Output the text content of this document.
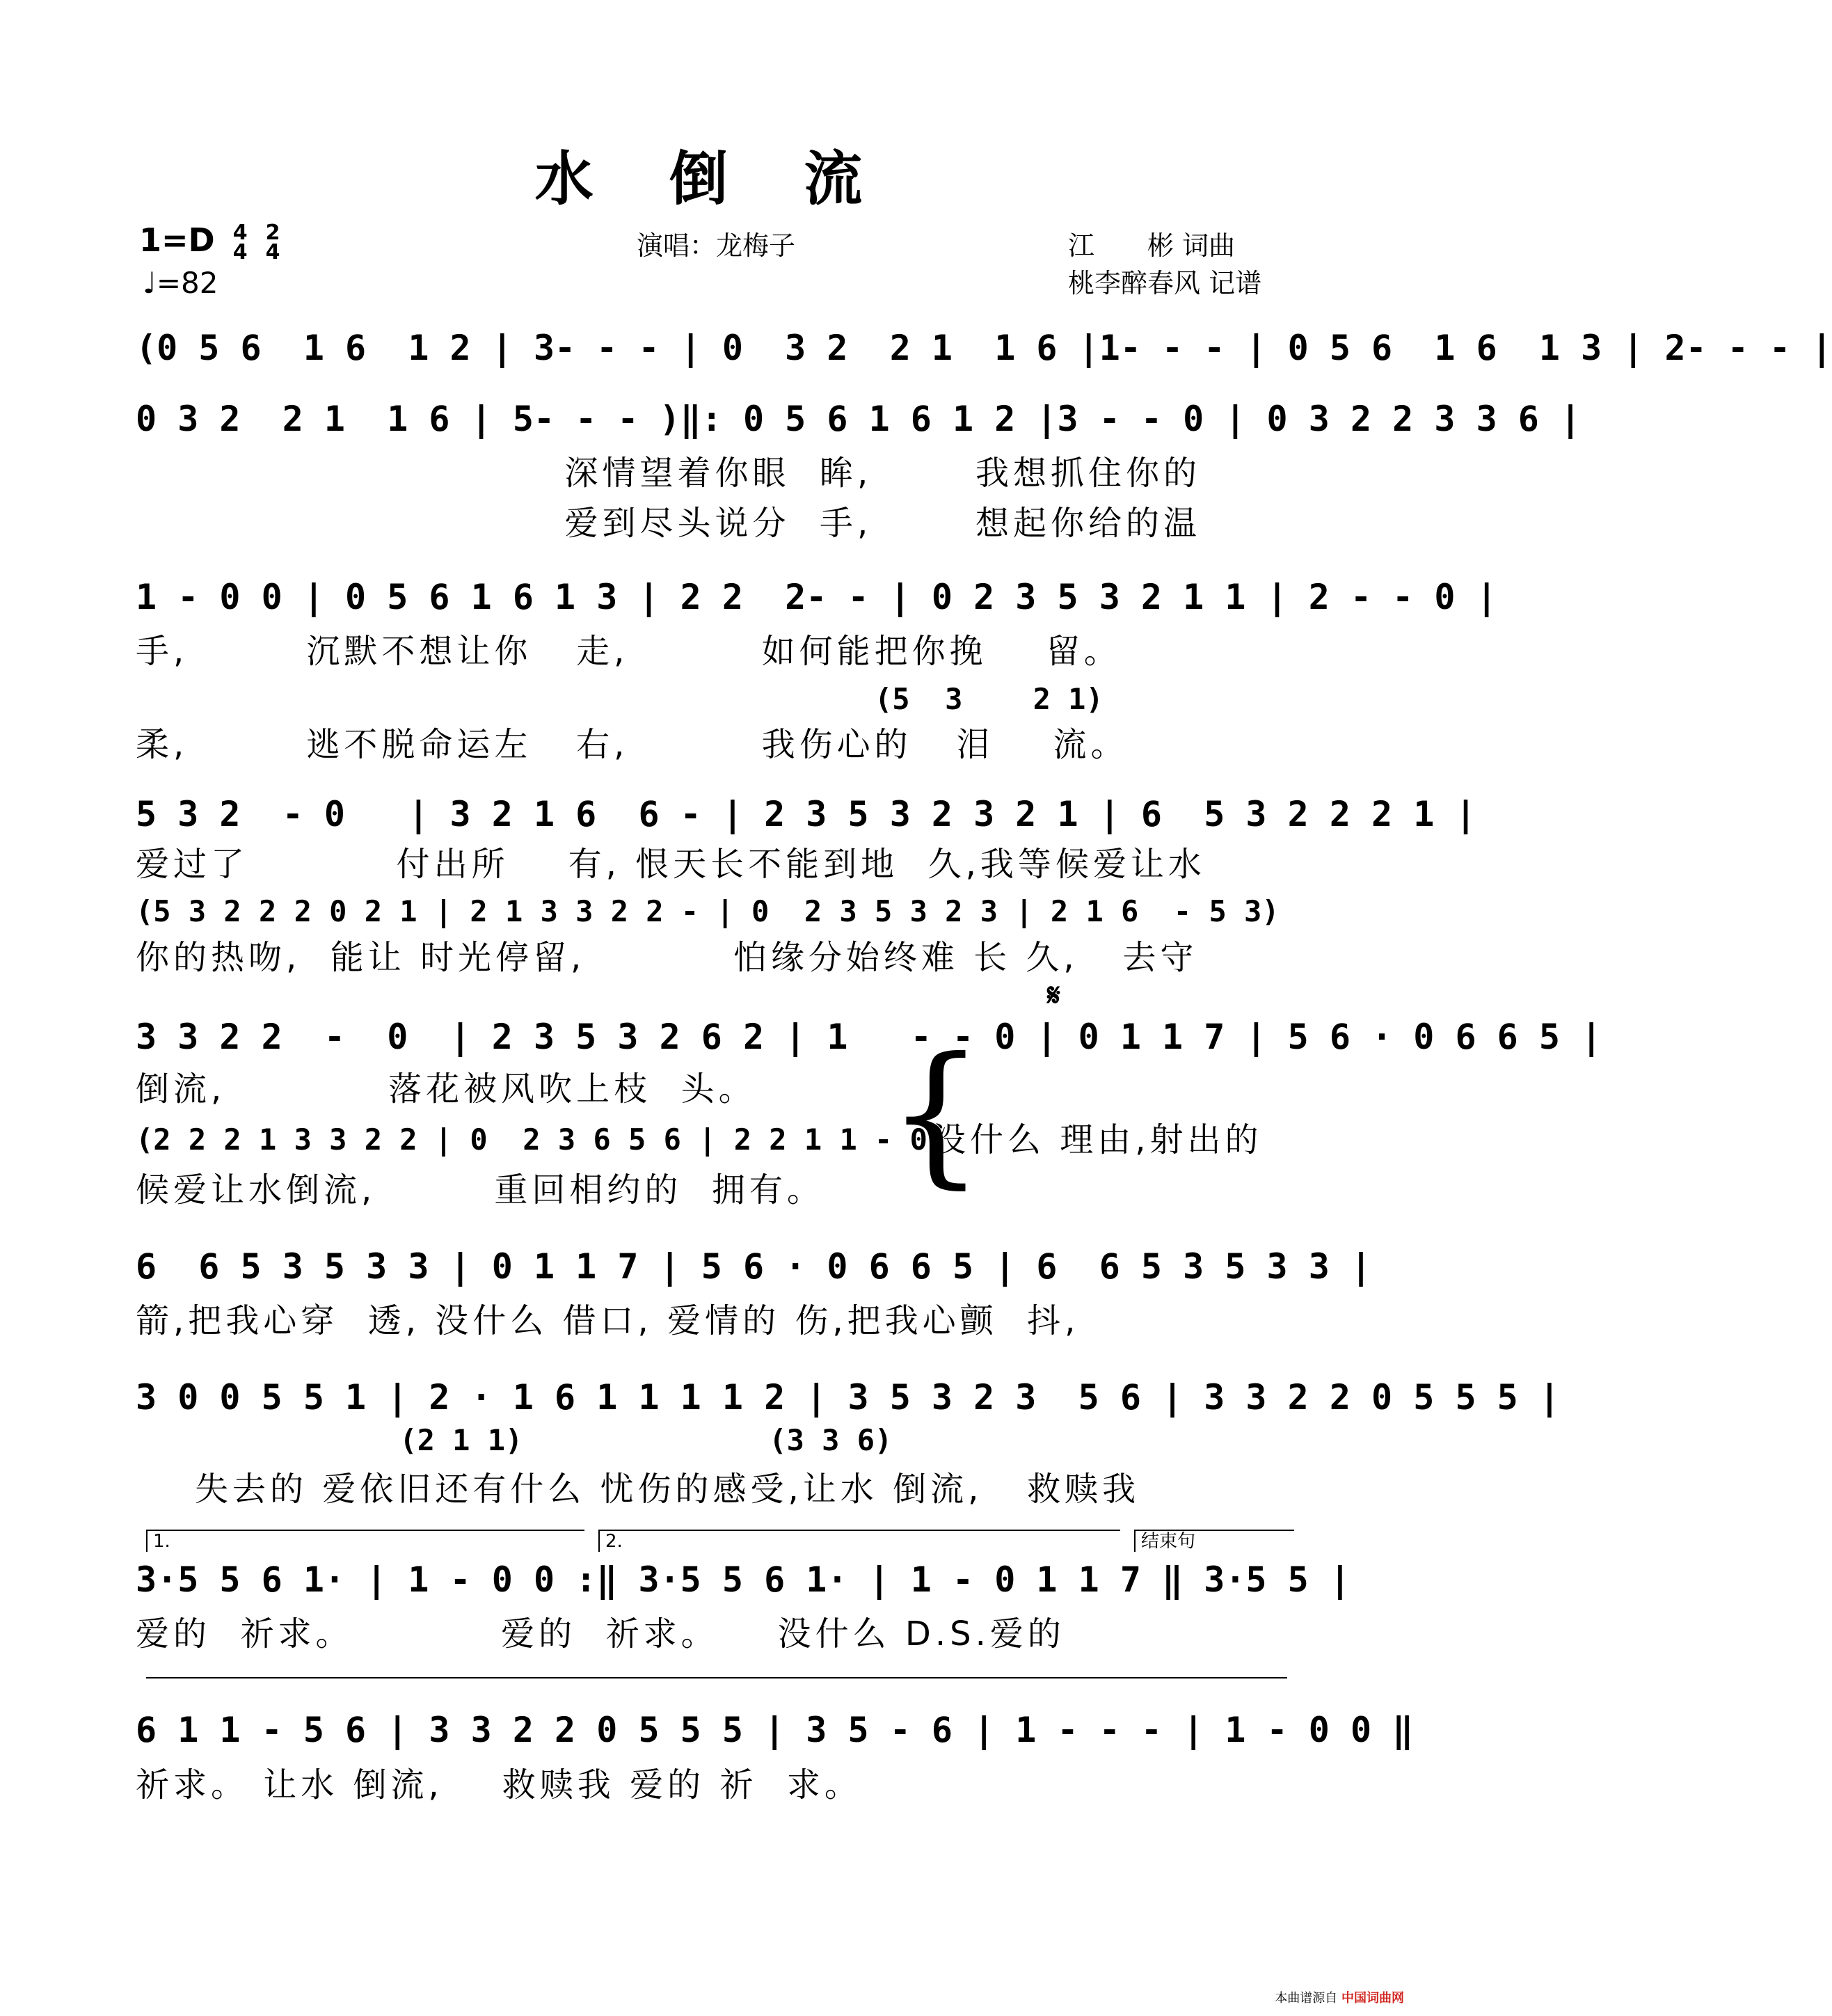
水 倒 流
1=D 4
4

2
4
♩=82
演唱：龙梅子	江　　彬 词曲
桃李醉春风 记谱
(0 5 6  1 6  1 2 | 3- - - | 0  3 2  2 1  1 6 |1- - - | 0 5 6  1 6  1 3 | 2- - - |
0 3 2  2 1  1 6 | 5- - - )‖: 0 5 6 1 6 1 2 |3 - - 0 | 0 3 2 2 3 3 6 |
深情望着你眼  眸,       我想抓住你的
爱到尽头说分  手,       想起你给的温
1 - 0 0 | 0 5 6 1 6 1 3 | 2 2  2- - | 0 2 3 5 3 2 1 1 | 2 - - 0 |
手,        沉默不想让你   走,         如何能把你挽    留。
(5  3    2 1)
柔,        逃不脱命运左   右,         我伤心的   泪    流。
5 3 2  - 0   | 3 2 1 6  6 - | 2 3 5 3 2 3 2 1 | 6  5 3 2 2 2 1 |
爱过了          付出所    有, 恨天长不能到地  久,我等候爱让水
(5 3 2 2 2 0 2 1 | 2 1 3 3 2 2 - | 0  2 3 5 3 2 3 | 2 1 6  - 5 3)
你的热吻,  能让 时光停留,          怕缘分始终难 长 久,   去守
𝄋
3 3 2 2  -  0  | 2 3 5 3 2 6 2 | 1   - - 0 | 0 1 1 7 | 5 6 · 0 6 6 5 |
倒流,           落花被风吹上枝  头。
(2 2 2 1 3 3 2 2 | 0  2 3 6 5 6 | 2 2 1 1 - 0)
候爱让水倒流,        重回相约的  拥有。 {
没什么 理由,射出的
6  6 5 3 5 3 3 | 0 1 1 7 | 5 6 · 0 6 6 5 | 6  6 5 3 5 3 3 |
箭,把我心穿  透, 没什么 借口, 爱情的 伤,把我心颤  抖,
3 0 0 5 5 1 | 2 · 1 6 1 1 1 1 2 | 3 5 3 2 3  5 6 | 3 3 2 2 0 5 5 5 |
(2 1 1)              (3 3 6)
失去的 爱依旧还有什么 忧伤的感受,让水 倒流,   救赎我
1.	2.	结束句
3·5 5 6 1· | 1 - 0 0 :‖ 3·5 5 6 1· | 1 - 0 1 1 7 ‖ 3·5 5 |
爱的  祈求。          爱的  祈求。    没什么 D.S.爱的
6 1 1 - 5 6 | 3 3 2 2 0 5 5 5 | 3 5 - 6 | 1 - - - | 1 - 0 0 ‖
祈求。 让水 倒流,    救赎我 爱的 祈  求。
本曲谱源自 中国词曲网
